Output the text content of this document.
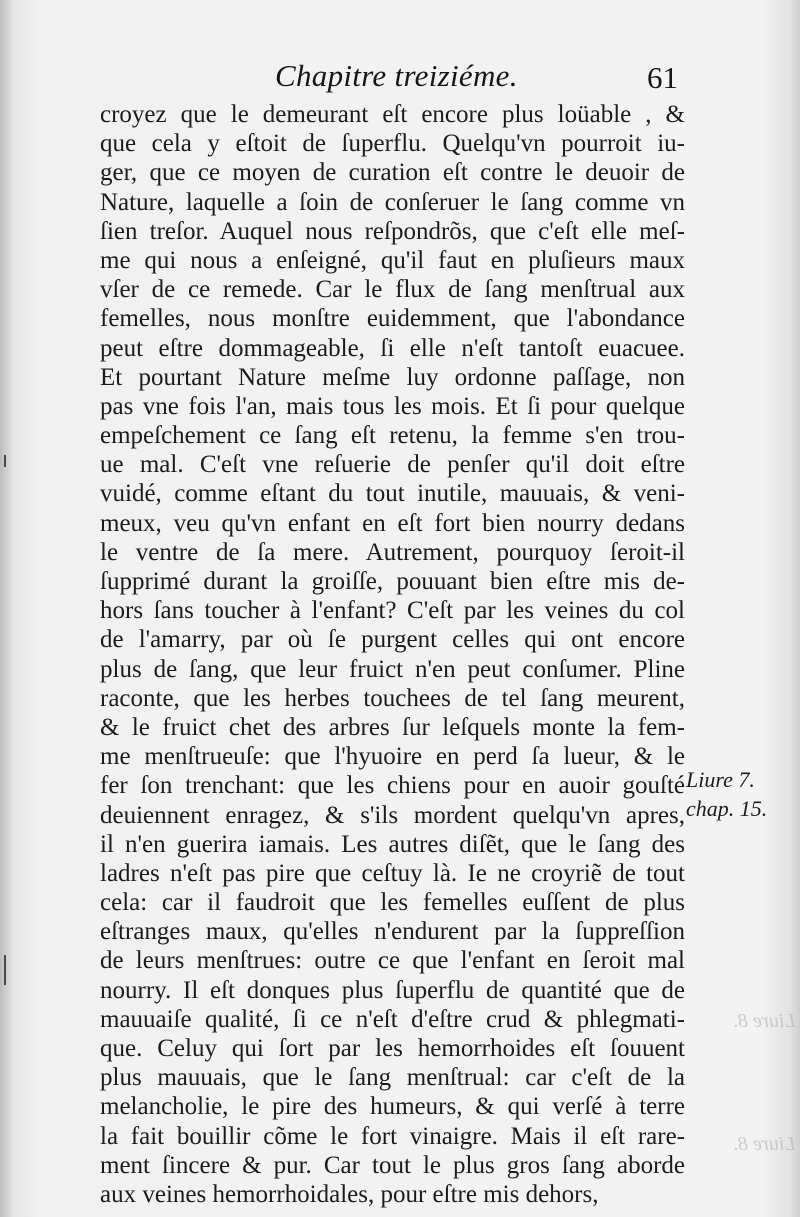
Chapitre treiziéme.	61
croyez que le demeurant eſt encore plus loüable , &
que cela y eſtoit de ſuperflu. Quelqu'vn pourroit iu-
ger, que ce moyen de curation eſt contre le deuoir de
Nature, laquelle a ſoin de conſeruer le ſang comme vn
ſien treſor. Auquel nous reſpondrõs, que c'eſt elle meſ-
me qui nous a enſeigné, qu'il faut en pluſieurs maux
vſer de ce remede. Car le flux de ſang menſtrual aux
femelles, nous monſtre euidemment, que l'abondance
peut eſtre dommageable, ſi elle n'eſt tantoſt euacuee.
Et pourtant Nature meſme luy ordonne paſſage, non
pas vne fois l'an, mais tous les mois. Et ſi pour quelque
empeſchement ce ſang eſt retenu, la femme s'en trou-
ue mal. C'eſt vne reſuerie de penſer qu'il doit eſtre
vuidé, comme eſtant du tout inutile, mauuais, & veni-
meux, veu qu'vn enfant en eſt fort bien nourry dedans
le ventre de ſa mere. Autrement, pourquoy ſeroit-il
ſupprimé durant la groiſſe, pouuant bien eſtre mis de-
hors ſans toucher à l'enfant? C'eſt par les veines du col
de l'amarry, par où ſe purgent celles qui ont encore
plus de ſang, que leur fruict n'en peut conſumer. Pline
raconte, que les herbes touchees de tel ſang meurent,
& le fruict chet des arbres ſur leſquels monte la fem-
me menſtrueuſe: que l'hyuoire en perd ſa lueur, & le
fer ſon trenchant: que les chiens pour en auoir gouſté
deuiennent enragez, & s'ils mordent quelqu'vn apres,
il n'en guerira iamais. Les autres diſẽt, que le ſang des
ladres n'eſt pas pire que ceſtuy là. Ie ne croyriẽ de tout
cela: car il faudroit que les femelles euſſent de plus
eſtranges maux, qu'elles n'endurent par la ſuppreſſion
de leurs menſtrues: outre ce que l'enfant en ſeroit mal
nourry. Il eſt donques plus ſuperflu de quantité que de
mauuaiſe qualité, ſi ce n'eſt d'eſtre crud & phlegmati-
que. Celuy qui ſort par les hemorrhoides eſt ſouuent
plus mauuais, que le ſang menſtrual: car c'eſt de la
melancholie, le pire des humeurs, & qui verſé à terre
la fait bouillir cõme le fort vinaigre. Mais il eſt rare-
ment ſincere & pur. Car tout le plus gros ſang aborde
aux veines hemorrhoidales, pour eſtre mis dehors,
Liure 7.
chap. 15.
Liure 8.
Liure 8.
